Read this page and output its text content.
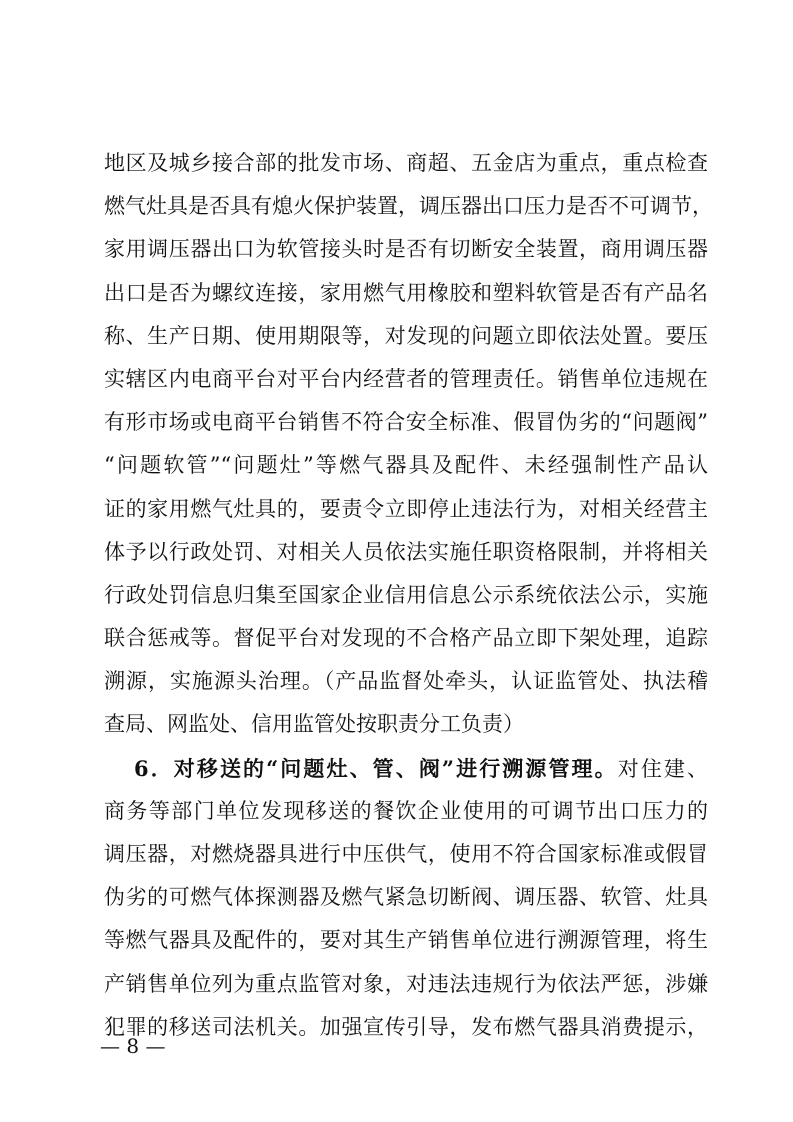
地区及城乡接合部的批发市场、商超、五金店为重点，重点检查
燃气灶具是否具有熄火保护装置，调压器出口压力是否不可调节，
家用调压器出口为软管接头时是否有切断安全装置，商用调压器
出口是否为螺纹连接，家用燃气用橡胶和塑料软管是否有产品名
称、生产日期、使用期限等，对发现的问题立即依法处置。要压
实辖区内电商平台对平台内经营者的管理责任。销售单位违规在
有形市场或电商平台销售不符合安全标准、假冒伪劣的“问题阀”
“问题软管”“问题灶”等燃气器具及配件、未经强制性产品认
证的家用燃气灶具的，要责令立即停止违法行为，对相关经营主
体予以行政处罚、对相关人员依法实施任职资格限制，并将相关
行政处罚信息归集至国家企业信用信息公示系统依法公示，实施
联合惩戒等。督促平台对发现的不合格产品立即下架处理，追踪
溯源，实施源头治理。（产品监督处牵头，认证监管处、执法稽
查局、网监处、信用监管处按职责分工负责）
6．对移送的“问题灶、管、阀”进行溯源管理。对住建、
商务等部门单位发现移送的餐饮企业使用的可调节出口压力的
调压器，对燃烧器具进行中压供气，使用不符合国家标准或假冒
伪劣的可燃气体探测器及燃气紧急切断阀、调压器、软管、灶具
等燃气器具及配件的，要对其生产销售单位进行溯源管理，将生
产销售单位列为重点监管对象，对违法违规行为依法严惩，涉嫌
犯罪的移送司法机关。加强宣传引导，发布燃气器具消费提示，
— 8 —
